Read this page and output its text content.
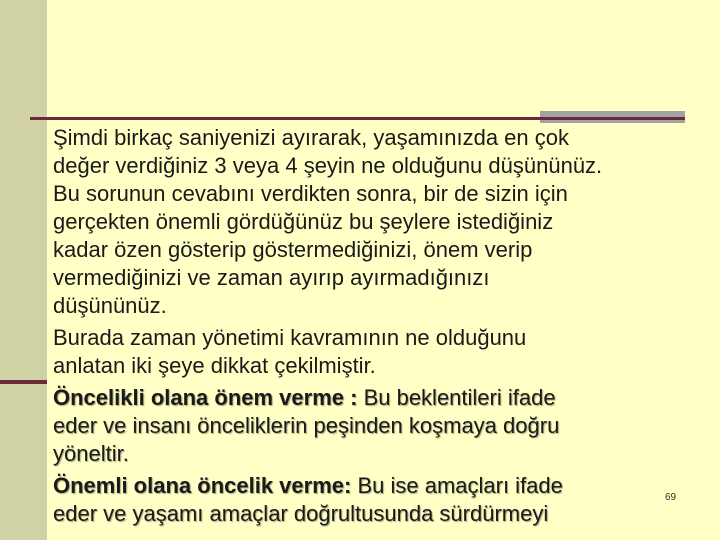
Şimdi birkaç saniyenizi ayırarak, yaşamınızda en çok
değer verdiğiniz 3 veya 4 şeyin ne olduğunu düşününüz.
Bu sorunun cevabını verdikten sonra, bir de sizin için
gerçekten önemli gördüğünüz bu şeylere istediğiniz
kadar özen gösterip göstermediğinizi, önem verip
vermediğinizi ve zaman ayırıp ayırmadığınızı
düşününüz.
Burada zaman yönetimi kavramının ne olduğunu
anlatan iki şeye dikkat çekilmiştir.
Öncelikli olana önem verme : Bu beklentileri ifade
eder ve insanı önceliklerin peşinden koşmaya doğru
yöneltir.
Önemli olana öncelik verme: Bu ise amaçları ifade
eder ve yaşamı amaçlar doğrultusunda sürdürmeyi
69
